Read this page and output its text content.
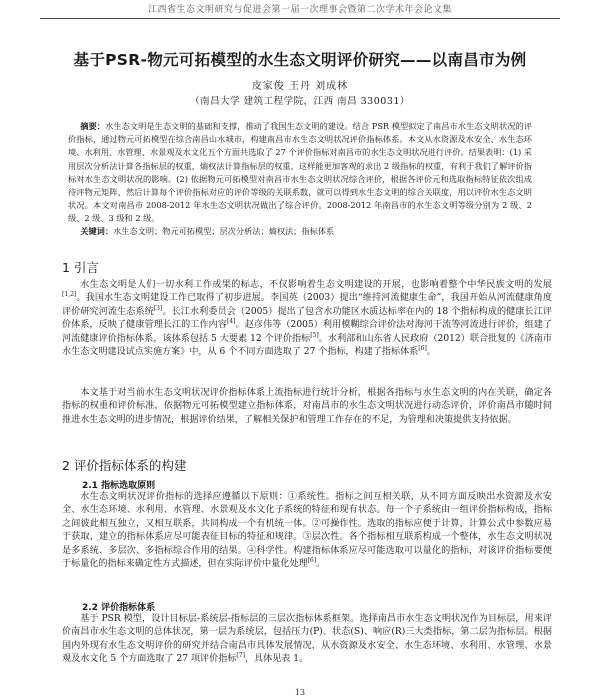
江西省生态文明研究与促进会第一届一次理事会暨第二次学术年会论文集
基于PSR-物元可拓模型的水生态文明评价研究——以南昌市为例
皮家俊 王丹 刘成林
（南昌大学 建筑工程学院，江西 南昌 330031）
摘要：水生态文明是生态文明的基础和支撑，推动了我国生态文明的建设。结合 PSR 模型拟定了南昌市水生态文明状况的评价指标，通过物元可拓模型在综合南昌山水城市，构建南昌市水生态文明状况评价指标体系。本文从水资源及水安全、水生态环境、水利用、水管理、水景观及水文化五个方面共选取了 27 个评价指标对南昌市的水生态文明状况进行评价。结果表明：(1) 采用层次分析法计算各指标层的权重，熵权法计算指标层的权重，这样能更加客观的求出 2 级指标的权重，有利于我们了解评价指标对水生态文明状况的影响。(2) 依据物元可拓模型对南昌市水生态文明状况综合评价，根据各评价元和选取指标特征依次组成待评物元矩阵，然后计算每个评价指标对应的评价等级的关联系数，就可以得到水生态文明的综合关联度，用以评价水生态文明状况。本文对南昌市 2008-2012 年水生态文明状况做出了综合评价。2008-2012 年南昌市的水生态文明等级分别为 2 级、2 级、2 级、3 级和 2 级。
关键词：水生态文明；物元可拓模型；层次分析法；熵权法；指标体系
1 引言

水生态文明是人们一切水利工作成果的标志，不仅影响着生态文明建设的开展，也影响着整个中华民族文明的发展[1,2]。我国水生态文明建设工作已取得了初步进展。李国英（2003）提出“维持河流健康生命”，我国开始从河流健康角度评价研究河流生态系统[3]。长江水利委员会（2005）提出了包含水功能区水质达标率在内的 18 个指标构成的健康长江评价体系，反映了健康管理长江的工作内容[4]。赵彦伟等（2005）利用模糊综合评价法对海河干流等河流进行评价，组建了河流健康评价指标体系，该体系包括 5 大要素 12 个评价指标[5]。水利部和山东省人民政府（2012）联合批复的《济南市水生态文明建设试点实施方案》中，从 6 个不同方面选取了 27 个指标，构建了指标体系[6]。

本文基于对当前水生态文明状况评价指标体系上流指标进行统计分析，根据各指标与水生态文明的内在关联，确定各指标的权重和评价标准，依据物元可拓模型建立指标体系，对南昌市的水生态文明状况进行动态评价，评价南昌市随时间推进水生态文明的进步情况，根据评价结果，了解相关保护和管理工作存在的不足，为管理和决策提供支持依据。

2 评价指标体系的构建
2.1 指标选取原则

水生态文明状况评价指标的选择应遵循以下原则：①系统性。指标之间互相关联，从不同方面反映出水资源及水安全、水生态环境、水利用、水管理、水景观及水文化子系统的特征和现有状态。每一个子系统由一组评价指标构成，指标之间彼此相互独立，又相互联系，共同构成一个有机统一体。②可操作性。选取的指标应便于计算，计算公式中参数应易于获取，建立的指标体系应尽可能表征目标的特征和规律。③层次性。各个指标相互联系构成一个整体，水生态文明状况是多系统、多层次、多指标综合作用的结果。④科学性。构建指标体系应尽可能选取可以量化的指标，对该评价指标要便于标量化的指标来确定性方式描述，但在实际评价中量化处理[6]。

2.2 评价指标体系

基于 PSR 模型，设计目标层-系统层-指标层的三层次指标体系框架。选择南昌市水生态文明状况作为目标层，用来评价南昌市水生态文明的总体状况，第一层为系统层，包括压力(P)、状态(S)、响应(R)三大类指标，第二层为指标层。根据国内外现有水生态文明评价的研究并结合南昌市具体发展情况，从水资源及水安全、水生态环境、水利用、水管理、水景观及水文化 5 个方面选取了 27 项评价指标[7]，具体见表 1。

13
